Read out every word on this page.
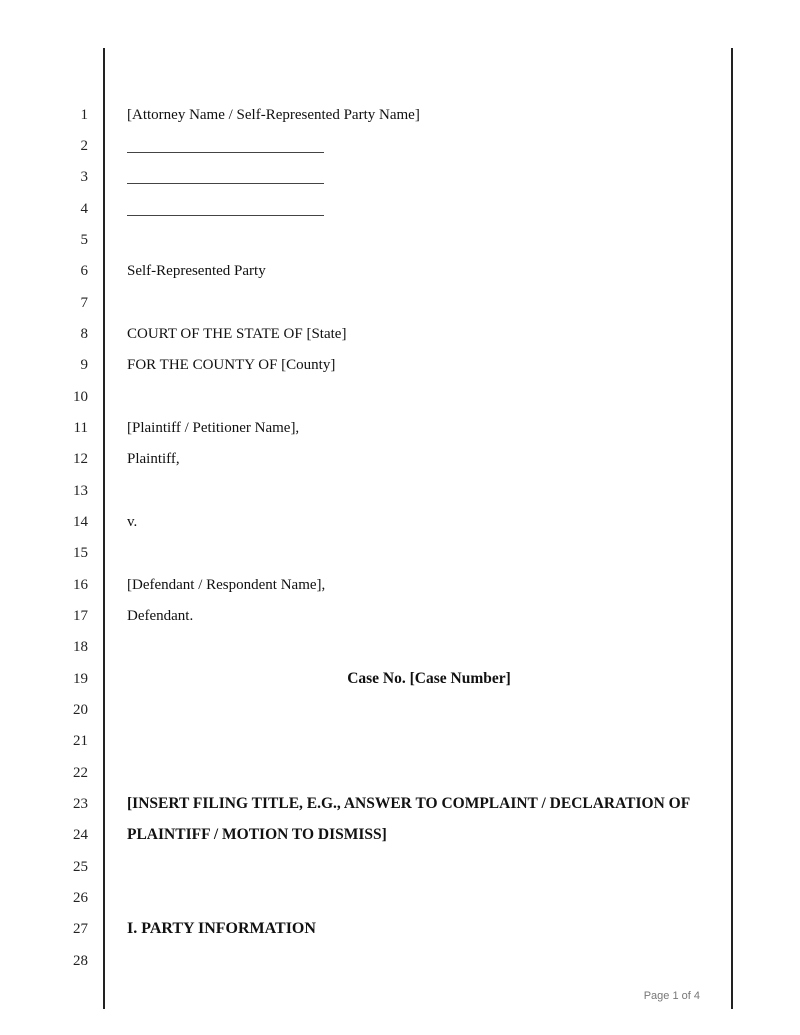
1
2
3
4
5
6
7
8
9
10
11
12
13
14
15
16
17
18
19
20
21
22
23
24
25
26
27
28
[Attorney Name / Self-Represented Party Name]
Self-Represented Party
COURT OF THE STATE OF [State]
FOR THE COUNTY OF [County]
[Plaintiff / Petitioner Name],
Plaintiff,
v.
[Defendant / Respondent Name],
Defendant.
Case No. [Case Number]
[INSERT FILING TITLE, E.G., ANSWER TO COMPLAINT / DECLARATION OF
PLAINTIFF / MOTION TO DISMISS]
I. PARTY INFORMATION
Page 1 of 4
